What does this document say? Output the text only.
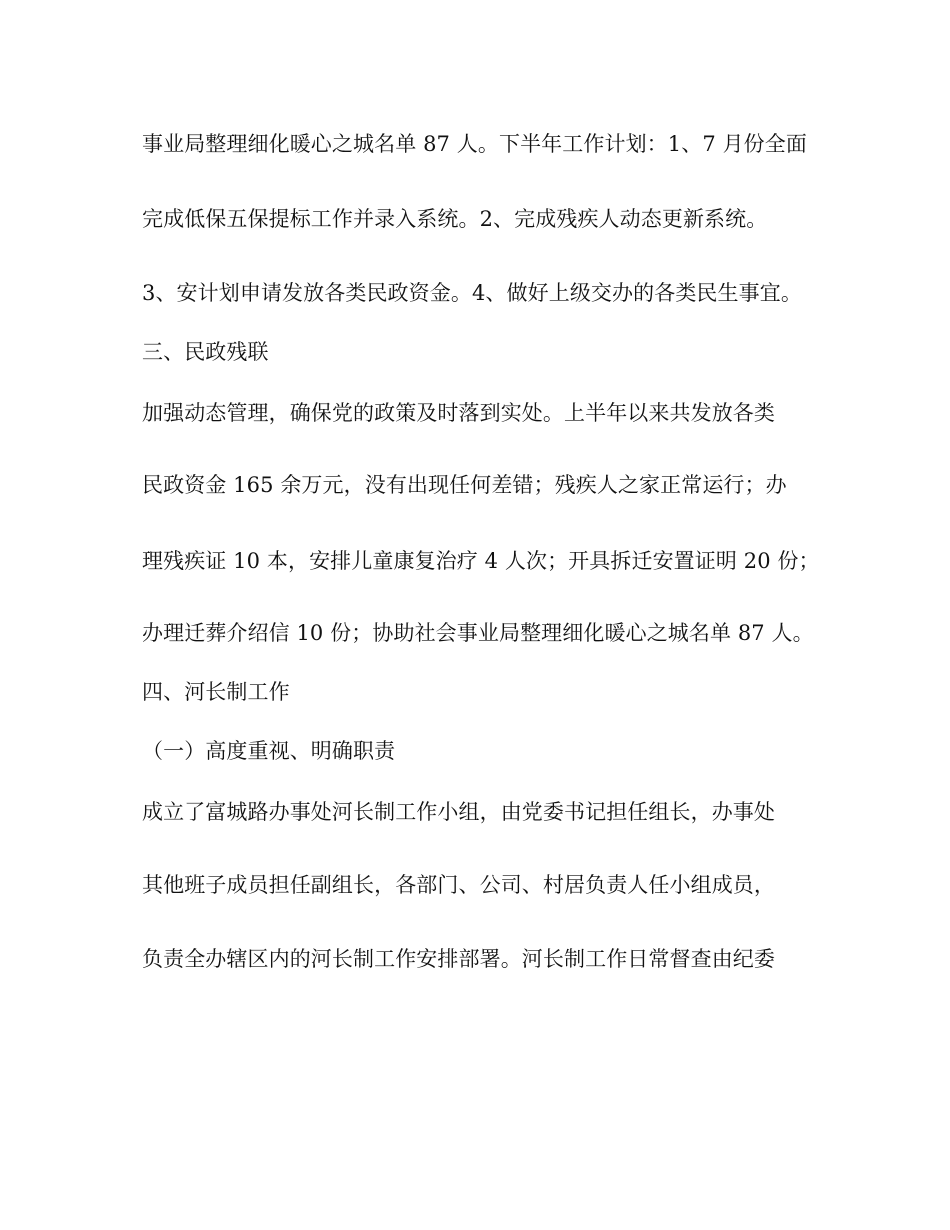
事业局整理细化暖心之城名单 87 人。下半年工作计划：1、7 月份全面

完成低保五保提标工作并录入系统。2、完成残疾人动态更新系统。

3、安计划申请发放各类民政资金。4、做好上级交办的各类民生事宜。

三、民政残联

加强动态管理，确保党的政策及时落到实处。上半年以来共发放各类

民政资金 165 余万元，没有出现任何差错；残疾人之家正常运行；办

理残疾证 10 本，安排儿童康复治疗 4 人次；开具拆迁安置证明 20 份；

办理迁葬介绍信 10 份；协助社会事业局整理细化暖心之城名单 87 人。

四、河长制工作

（一）高度重视、明确职责

成立了富城路办事处河长制工作小组，由党委书记担任组长，办事处

其他班子成员担任副组长，各部门、公司、村居负责人任小组成员，

负责全办辖区内的河长制工作安排部署。河长制工作日常督查由纪委
